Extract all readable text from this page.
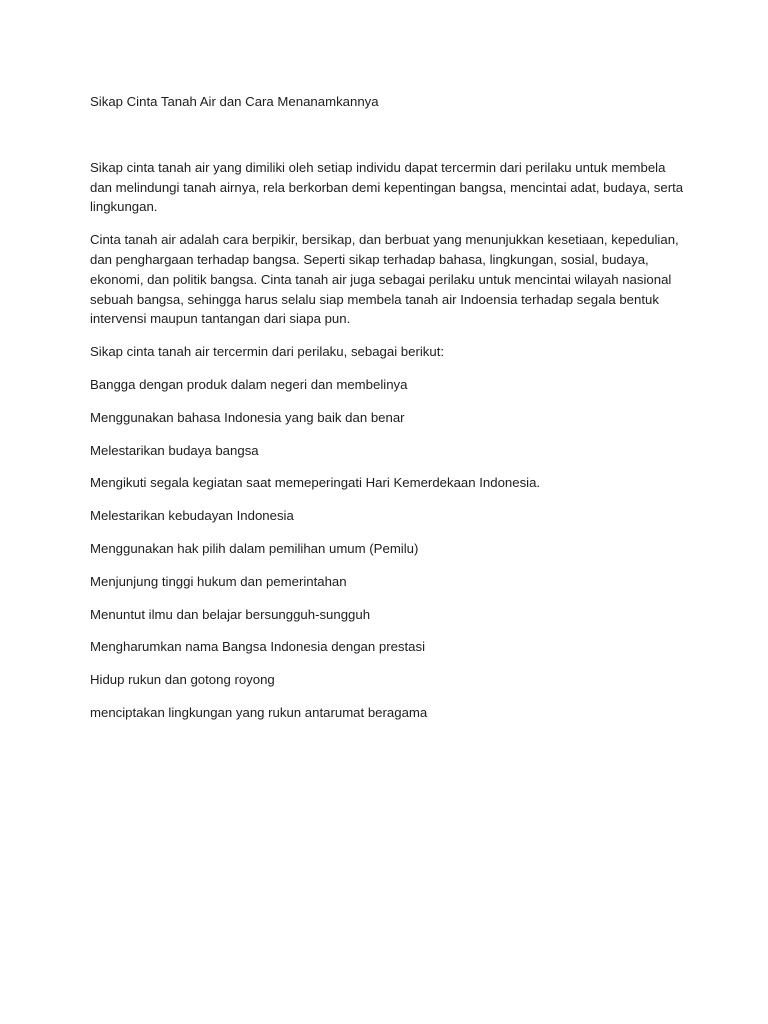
Sikap Cinta Tanah Air dan Cara Menanamkannya

Sikap cinta tanah air yang dimiliki oleh setiap individu dapat tercermin dari perilaku untuk membela dan melindungi tanah airnya, rela berkorban demi kepentingan bangsa, mencintai adat, budaya, serta lingkungan.

Cinta tanah air adalah cara berpikir, bersikap, dan berbuat yang menunjukkan kesetiaan, kepedulian, dan penghargaan terhadap bangsa. Seperti sikap terhadap bahasa, lingkungan, sosial, budaya, ekonomi, dan politik bangsa. Cinta tanah air juga sebagai perilaku untuk mencintai wilayah nasional sebuah bangsa, sehingga harus selalu siap membela tanah air Indoensia terhadap segala bentuk intervensi maupun tantangan dari siapa pun.

Sikap cinta tanah air tercermin dari perilaku, sebagai berikut:

Bangga dengan produk dalam negeri dan membelinya

Menggunakan bahasa Indonesia yang baik dan benar

Melestarikan budaya bangsa

Mengikuti segala kegiatan saat memeperingati Hari Kemerdekaan Indonesia.

Melestarikan kebudayan Indonesia

Menggunakan hak pilih dalam pemilihan umum (Pemilu)

Menjunjung tinggi hukum dan pemerintahan

Menuntut ilmu dan belajar bersungguh-sungguh

Mengharumkan nama Bangsa Indonesia dengan prestasi

Hidup rukun dan gotong royong

menciptakan lingkungan yang rukun antarumat beragama
